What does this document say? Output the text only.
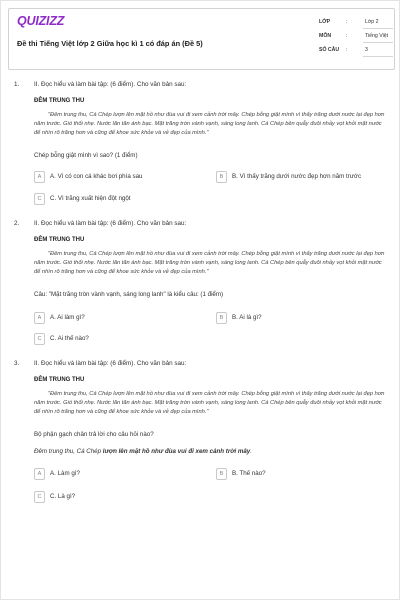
QUIZIZZ
Đề thi Tiếng Việt lớp 2 Giữa học kì 1 có đáp án (Đề 5)
LỚP	:	Lớp 2
MÔN	:	Tiếng Việt
SỐ CÂU :	3
1. II. Đọc hiểu và làm bài tập: (6 điểm). Cho văn bản sau:
ĐÊM TRUNG THU

"Đêm trung thu, Cá Chép lượn lên mặt hồ như đùa vui đi xem cảnh trời mây. Chép bỗng giật mình vì thấy trăng dưới nước lại đẹp hơn năm trước. Gió thổi nhẹ. Nước lăn tăn ánh bạc. Mặt trăng tròn vành vạnh, sáng long lanh. Cá Chép bên quẫy đuôi nhảy vọt khỏi mặt nước để nhìn rõ trăng hơn và cũng để khoe sức khỏe và vẻ đẹp của mình."

Chép bỗng giật mình vì sao? (1 điểm)
A	A. Vì có con cá khác bơi phía sau	B	B. Vì thấy trăng dưới nước đẹp hơn năm trước
C	C. Vì trăng xuất hiện đột ngột
2. II. Đọc hiểu và làm bài tập: (6 điểm). Cho văn bản sau:
ĐÊM TRUNG THU

"Đêm trung thu, Cá Chép lượn lên mặt hồ như đùa vui đi xem cảnh trời mây. Chép bỗng giật mình vì thấy trăng dưới nước lại đẹp hơn năm trước. Gió thổi nhẹ. Nước lăn tăn ánh bạc. Mặt trăng tròn vành vạnh, sáng long lanh. Cá Chép bên quẫy đuôi nhảy vọt khỏi mặt nước để nhìn rõ trăng hơn và cũng để khoe sức khỏe và vẻ đẹp của mình."

Câu: "Mặt trăng tròn vành vạnh, sáng long lanh" là kiểu câu: (1 điểm)
A	A. Ai làm gì?	B	B. Ai là gì?
C	C. Ai thế nào?
3. II. Đọc hiểu và làm bài tập: (6 điểm). Cho văn bản sau:
ĐÊM TRUNG THU

"Đêm trung thu, Cá Chép lượn lên mặt hồ như đùa vui đi xem cảnh trời mây. Chép bỗng giật mình vì thấy trăng dưới nước lại đẹp hơn năm trước. Gió thổi nhẹ. Nước lăn tăn ánh bạc. Mặt trăng tròn vành vạnh, sáng long lanh. Cá Chép bên quẫy đuôi nhảy vọt khỏi mặt nước để nhìn rõ trăng hơn và cũng để khoe sức khỏe và vẻ đẹp của mình."

Bộ phận gạch chân trả lời cho câu hỏi nào?
Đêm trung thu, Cá Chép lượn lên mặt hồ như đùa vui đi xem cảnh trời mây.
A	A. Làm gì?	B	B. Thế nào?
C	C. Là gì?
